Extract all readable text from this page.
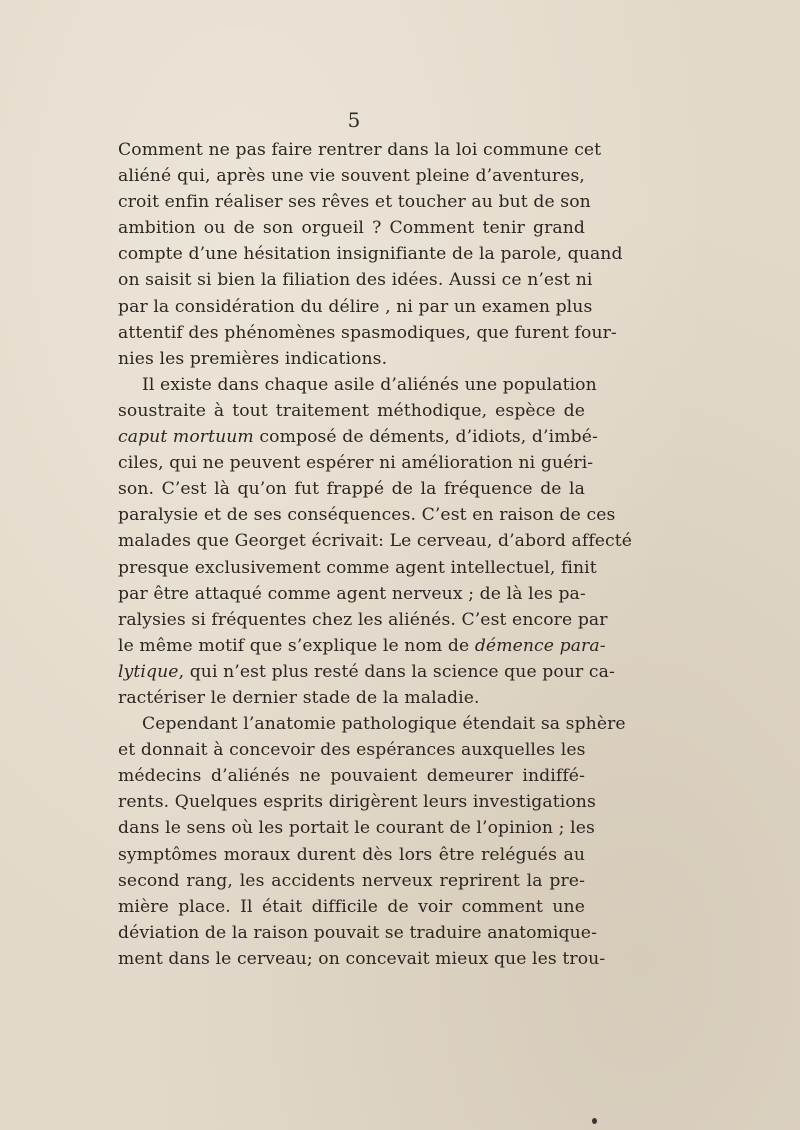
5
Comment ne pas faire rentrer dans la loi commune cet
aliéné qui, après une vie souvent pleine d’aventures,
croit enfin réaliser ses rêves et toucher au but de son
ambition ou de son orgueil ? Comment tenir grand
compte d’une hésitation insignifiante de la parole, quand
on saisit si bien la filiation des idées. Aussi ce n’est ni
par la considération du délire , ni par un examen plus
attentif des phénomènes spasmodiques, que furent four-
nies les premières indications.
Il existe dans chaque asile d’aliénés une population
soustraite à tout traitement méthodique, espèce de
caput mortuum composé de déments, d’idiots, d’imbé-
ciles, qui ne peuvent espérer ni amélioration ni guéri-
son. C’est là qu’on fut frappé de la fréquence de la
paralysie et de ses conséquences. C’est en raison de ces
malades que Georget écrivait: Le cerveau, d’abord affecté
presque exclusivement comme agent intellectuel, finit
par être attaqué comme agent nerveux ; de là les pa-
ralysies si fréquentes chez les aliénés. C’est encore par
le même motif que s’explique le nom de démence para-
lytique, qui n’est plus resté dans la science que pour ca-
ractériser le dernier stade de la maladie.
Cependant l’anatomie pathologique étendait sa sphère
et donnait à concevoir des espérances auxquelles les
médecins d’aliénés ne pouvaient demeurer indiffé-
rents. Quelques esprits dirigèrent leurs investigations
dans le sens où les portait le courant de l’opinion ; les
symptômes moraux durent dès lors être relégués au
second rang, les accidents nerveux reprirent la pre-
mière place. Il était difficile de voir comment une
déviation de la raison pouvait se traduire anatomique-
ment dans le cerveau; on concevait mieux que les trou-
